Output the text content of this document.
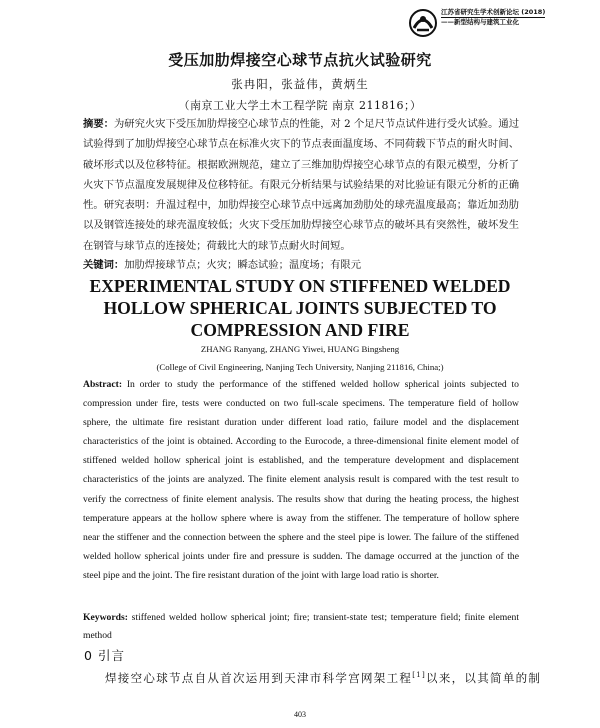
江苏省研究生学术创新论坛 (2018)
——新型结构与建筑工业化
受压加肋焊接空心球节点抗火试验研究
张冉阳，张益伟，黄炳生
（南京工业大学土木工程学院 南京 211816；）

摘要：为研究火灾下受压加肋焊接空心球节点的性能，对 2 个足尺节点试件进行受火试验。通过试验得到了加肋焊接空心球节点在标准火灾下的节点表面温度场、不同荷载下节点的耐火时间、破坏形式以及位移特征。根据欧洲规范，建立了三维加肋焊接空心球节点的有限元模型，分析了火灾下节点温度发展规律及位移特征。有限元分析结果与试验结果的对比验证有限元分析的正确性。研究表明：升温过程中，加肋焊接空心球节点中远离加劲肋处的球壳温度最高；靠近加劲肋以及钢管连接处的球壳温度较低；火灾下受压加肋焊接空心球节点的破坏具有突然性，破坏发生在钢管与球节点的连接处；荷载比大的球节点耐火时间短。

关键词：加肋焊接球节点；火灾；瞬态试验；温度场；有限元

EXPERIMENTAL STUDY ON STIFFENED WELDED
HOLLOW SPHERICAL JOINTS SUBJECTED TO
COMPRESSION AND FIRE
ZHANG Ranyang, ZHANG Yiwei, HUANG Bingsheng
(College of Civil Engineering, Nanjing Tech University, Nanjing 211816, China;)

Abstract: In order to study the performance of the stiffened welded hollow spherical joints subjected to compression under fire, tests were conducted on two full-scale specimens. The temperature field of hollow sphere, the ultimate fire resistant duration under different load ratio, failure model and the displacement characteristics of the joint is obtained. According to the Eurocode, a three-dimensional finite element model of stiffened welded hollow spherical joint is established, and the temperature development and displacement characteristics of the joints are analyzed. The finite element analysis result is compared with the test result to verify the correctness of finite element analysis. The results show that during the heating process, the highest temperature appears at the hollow sphere where is away from the stiffener. The temperature of hollow sphere near the stiffener and the connection between the sphere and the steel pipe is lower. The failure of the stiffened welded hollow spherical joints under fire and pressure is sudden. The damage occurred at the junction of the steel pipe and the joint. The fire resistant duration of the joint with large load ratio is shorter.

Keywords: stiffened welded hollow spherical joint; fire; transient-state test; temperature field; finite element method

0 引言

焊接空心球节点自从首次运用到天津市科学宫网架工程[1]以来，以其简单的制

403
